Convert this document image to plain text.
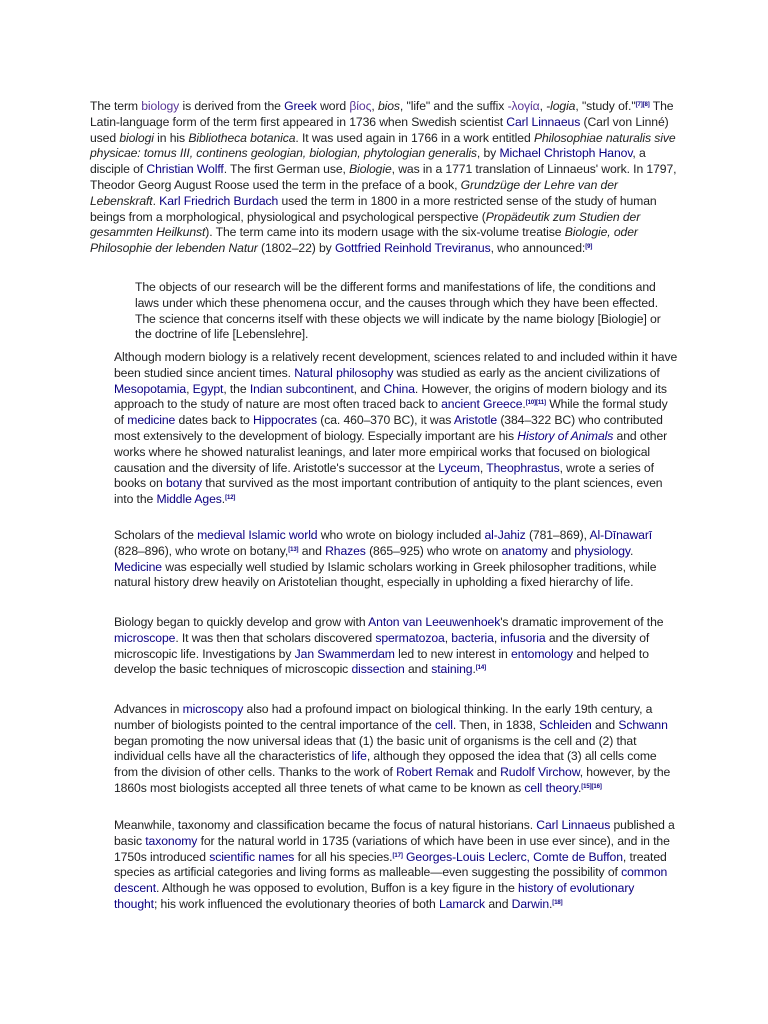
The term biology is derived from the Greek word βίος, bios, "life" and the suffix -λογία, -logia, "study of."[7][8] The Latin-language form of the term first appeared in 1736 when Swedish scientist Carl Linnaeus (Carl von Linné) used biologi in his Bibliotheca botanica. It was used again in 1766 in a work entitled Philosophiae naturalis sive physicae: tomus III, continens geologian, biologian, phytologian generalis, by Michael Christoph Hanov, a disciple of Christian Wolff. The first German use, Biologie, was in a 1771 translation of Linnaeus' work. In 1797, Theodor Georg August Roose used the term in the preface of a book, Grundzüge der Lehre van der Lebenskraft. Karl Friedrich Burdach used the term in 1800 in a more restricted sense of the study of human beings from a morphological, physiological and psychological perspective (Propädeutik zum Studien der gesammten Heilkunst). The term came into its modern usage with the six-volume treatise Biologie, oder Philosophie der lebenden Natur (1802–22) by Gottfried Reinhold Treviranus, who announced:[9]

The objects of our research will be the different forms and manifestations of life, the conditions and laws under which these phenomena occur, and the causes through which they have been effected. The science that concerns itself with these objects we will indicate by the name biology [Biologie] or the doctrine of life [Lebenslehre].

Although modern biology is a relatively recent development, sciences related to and included within it have been studied since ancient times. Natural philosophy was studied as early as the ancient civilizations of Mesopotamia, Egypt, the Indian subcontinent, and China. However, the origins of modern biology and its approach to the study of nature are most often traced back to ancient Greece.[10][11] While the formal study of medicine dates back to Hippocrates (ca. 460–370 BC), it was Aristotle (384–322 BC) who contributed most extensively to the development of biology. Especially important are his History of Animals and other works where he showed naturalist leanings, and later more empirical works that focused on biological causation and the diversity of life. Aristotle's successor at the Lyceum, Theophrastus, wrote a series of books on botany that survived as the most important contribution of antiquity to the plant sciences, even into the Middle Ages.[12]

Scholars of the medieval Islamic world who wrote on biology included al-Jahiz (781–869), Al-Dīnawarī (828–896), who wrote on botany,[13] and Rhazes (865–925) who wrote on anatomy and physiology. Medicine was especially well studied by Islamic scholars working in Greek philosopher traditions, while natural history drew heavily on Aristotelian thought, especially in upholding a fixed hierarchy of life.

Biology began to quickly develop and grow with Anton van Leeuwenhoek's dramatic improvement of the microscope. It was then that scholars discovered spermatozoa, bacteria, infusoria and the diversity of microscopic life. Investigations by Jan Swammerdam led to new interest in entomology and helped to develop the basic techniques of microscopic dissection and staining.[14]

Advances in microscopy also had a profound impact on biological thinking. In the early 19th century, a number of biologists pointed to the central importance of the cell. Then, in 1838, Schleiden and Schwann began promoting the now universal ideas that (1) the basic unit of organisms is the cell and (2) that individual cells have all the characteristics of life, although they opposed the idea that (3) all cells come from the division of other cells. Thanks to the work of Robert Remak and Rudolf Virchow, however, by the 1860s most biologists accepted all three tenets of what came to be known as cell theory.[15][16]

Meanwhile, taxonomy and classification became the focus of natural historians. Carl Linnaeus published a basic taxonomy for the natural world in 1735 (variations of which have been in use ever since), and in the 1750s introduced scientific names for all his species.[17] Georges-Louis Leclerc, Comte de Buffon, treated species as artificial categories and living forms as malleable—even suggesting the possibility of common descent. Although he was opposed to evolution, Buffon is a key figure in the history of evolutionary thought; his work influenced the evolutionary theories of both Lamarck and Darwin.[18]
